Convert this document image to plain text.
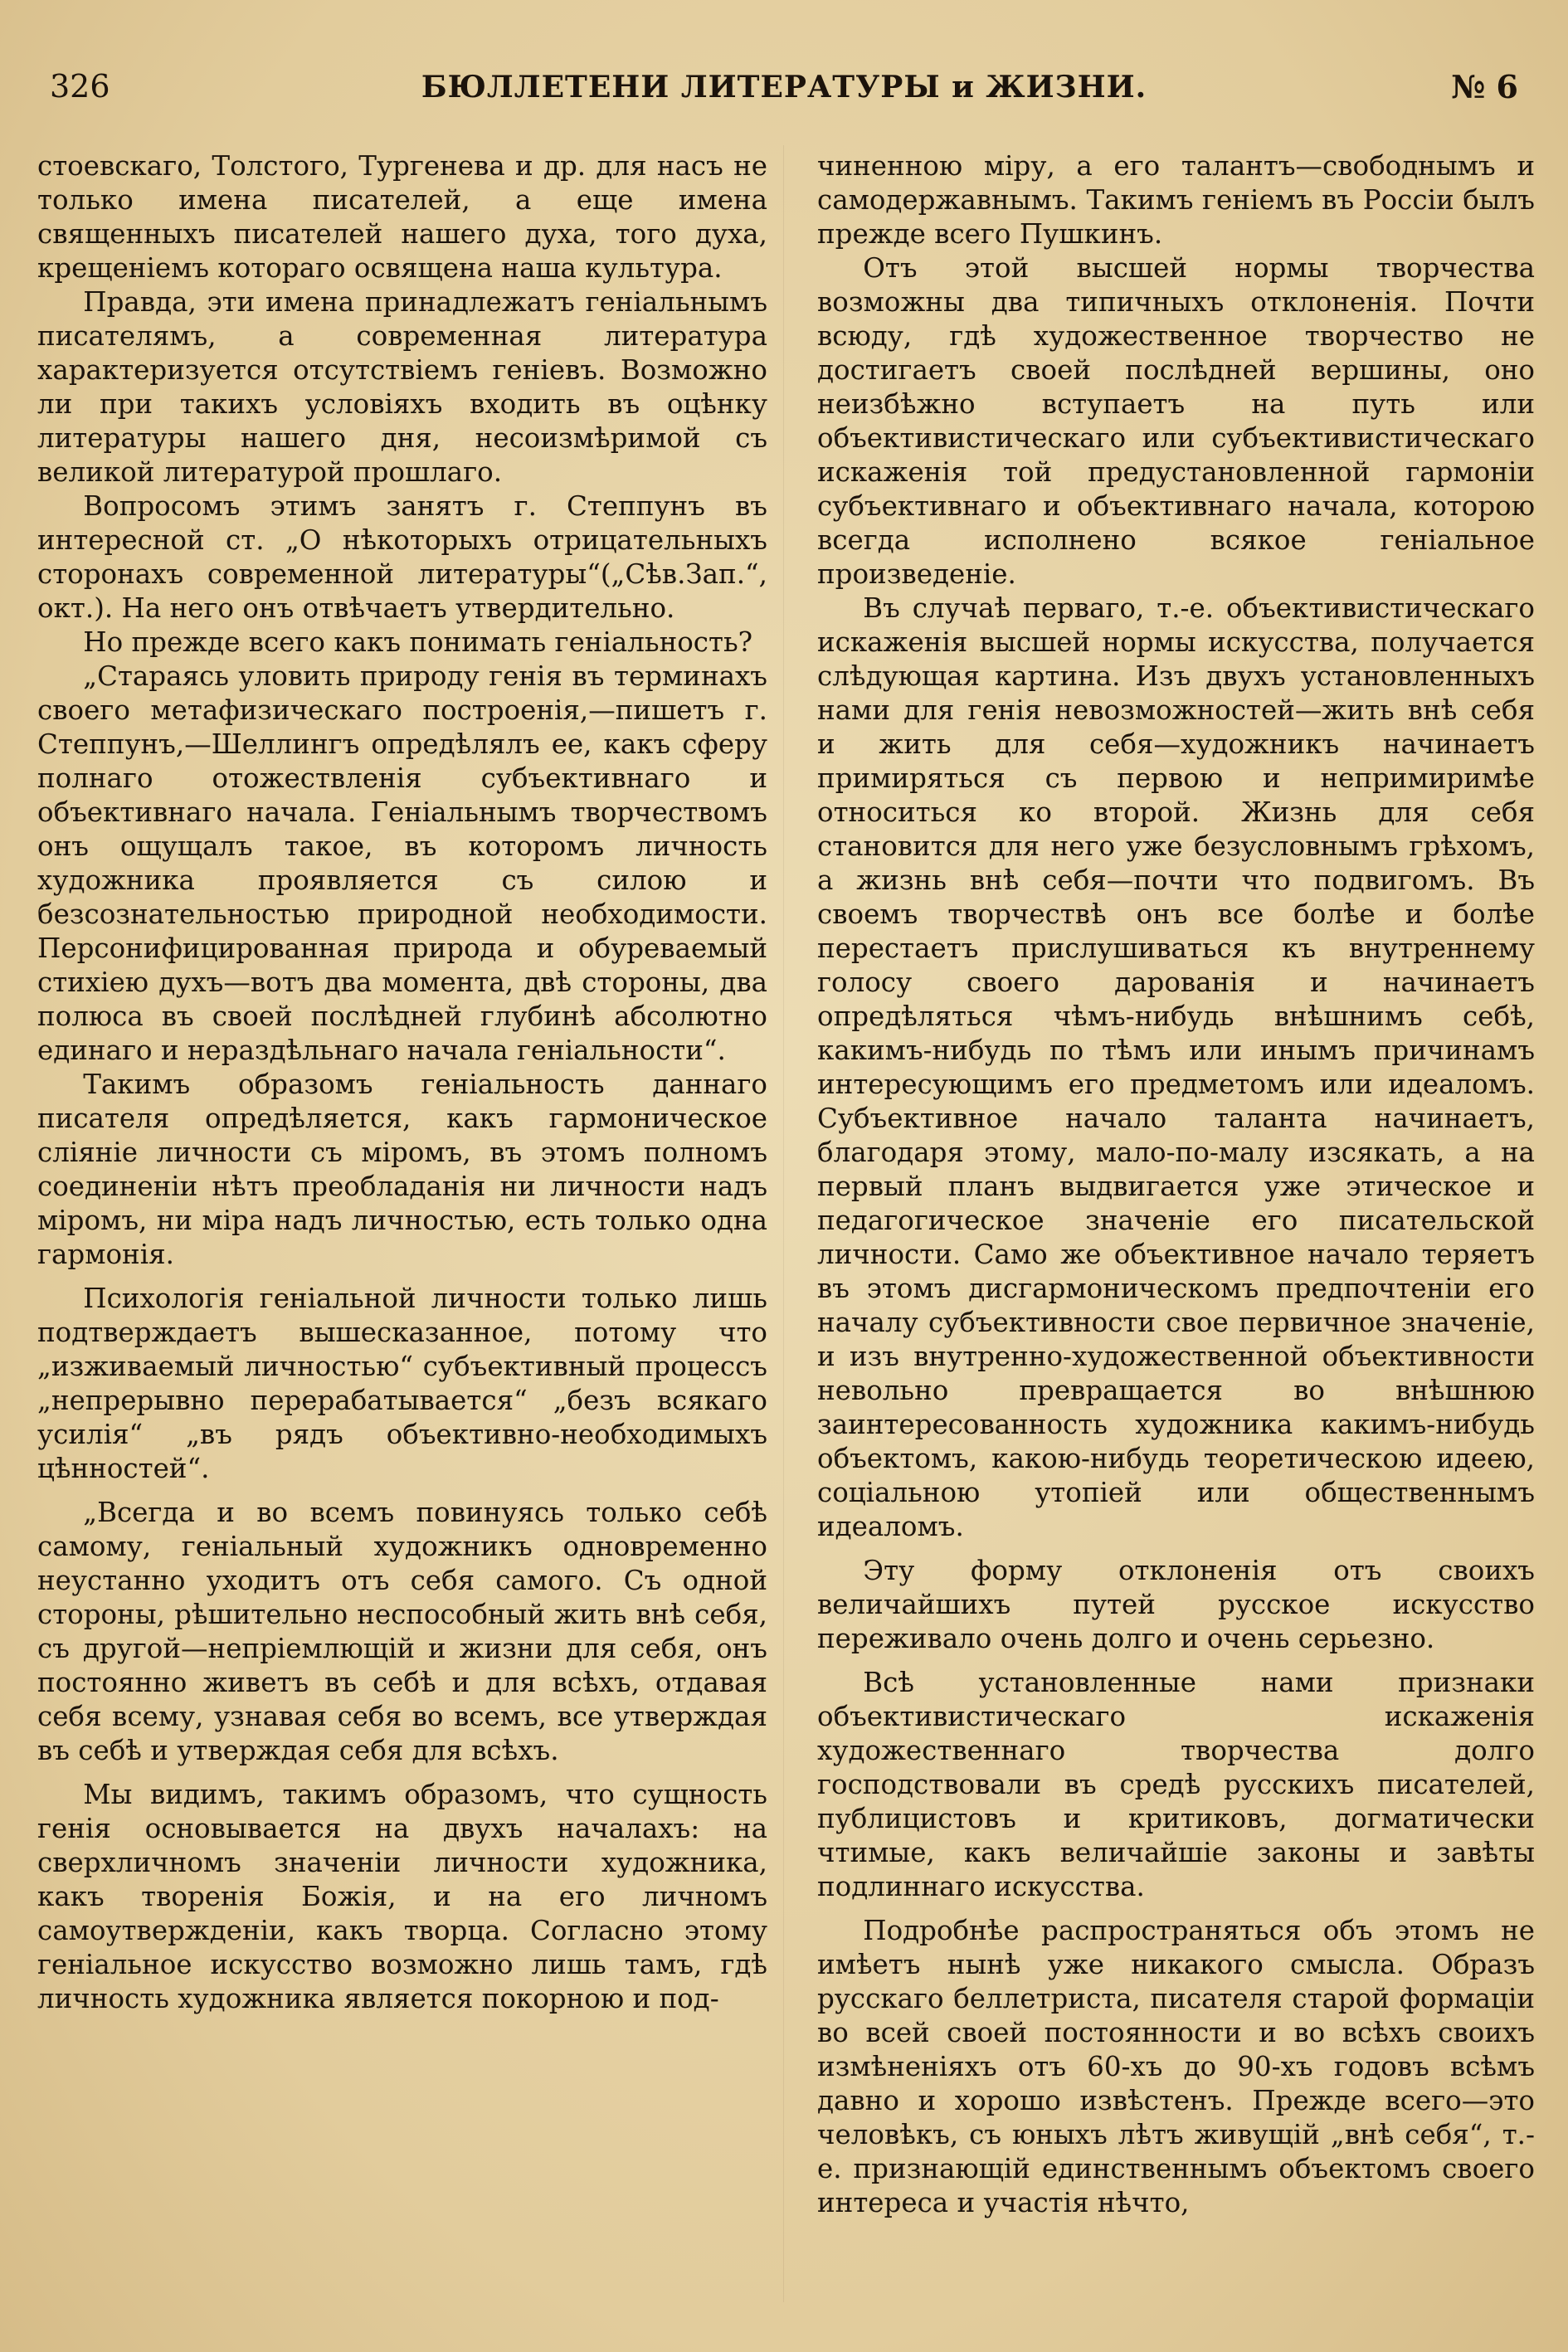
326	БЮЛЛЕТЕНИ ЛИТЕРАТУРЫ и ЖИЗНИ.	№ 6

стоевскаго, Толстого, Тургенева и др. для насъ не только имена писателей, а еще имена священныхъ писателей нашего духа, того духа, крещеніемъ котораго освящена наша культура.

Правда, эти имена принадлежатъ геніальнымъ писателямъ, а современная литература характеризуется отсутствіемъ геніевъ. Возможно ли при такихъ условіяхъ входить въ оцѣнку литературы нашего дня, несоизмѣримой съ великой литературой прошлаго.

Вопросомъ этимъ занятъ г. Степпунъ въ интересной ст. „О нѣкоторыхъ отрицательныхъ сторонахъ современной литературы“(„Сѣв.Зап.“, окт.). На него онъ отвѣчаетъ утвердительно.

Но прежде всего какъ понимать геніальность?

„Стараясь уловить природу генія въ терминахъ своего метафизическаго построенія,—пишетъ г. Степпунъ,—Шеллингъ опредѣлялъ ее, какъ сферу полнаго отожествленія субъективнаго и объективнаго начала. Геніальнымъ творчествомъ онъ ощущалъ такое, въ которомъ личность художника проявляется съ силою и безсознательностью природной необходимости. Персонифицированная природа и обуреваемый стихіею духъ—вотъ два момента, двѣ стороны, два полюса въ своей послѣдней глубинѣ абсолютно единаго и нераздѣльнаго начала геніальности“.

Такимъ образомъ геніальность даннаго писателя опредѣляется, какъ гармоническое сліяніе личности съ міромъ, въ этомъ полномъ соединеніи нѣтъ преобладанія ни личности надъ міромъ, ни міра надъ личностью, есть только одна гармонія.

Психологія геніальной личности только лишь подтверждаетъ вышесказанное, потому что „изживаемый личностью“ субъективный процессъ „непрерывно перерабатывается“ „безъ всякаго усилія“ „въ рядъ объективно-необходимыхъ цѣнностей“.

„Всегда и во всемъ повинуясь только себѣ самому, геніальный художникъ одновременно неустанно уходитъ отъ себя самого. Съ одной стороны, рѣшительно неспособный жить внѣ себя, съ другой—непріемлющій и жизни для себя, онъ постоянно живетъ въ себѣ и для всѣхъ, отдавая себя всему, узнавая себя во всемъ, все утверждая въ себѣ и утверждая себя для всѣхъ.

Мы видимъ, такимъ образомъ, что сущность генія основывается на двухъ началахъ: на сверхличномъ значеніи личности художника, какъ творенія Божія, и на его личномъ самоутвержденіи, какъ творца. Согласно этому геніальное искусство возможно лишь тамъ, гдѣ личность художника является покорною и под-

чиненною міру, а его талантъ—свободнымъ и самодержавнымъ. Такимъ геніемъ въ Россіи былъ прежде всего Пушкинъ.

Отъ этой высшей нормы творчества возможны два типичныхъ отклоненія. Почти всюду, гдѣ художественное творчество не достигаетъ своей послѣдней вершины, оно неизбѣжно вступаетъ на путь или объективистическаго или субъективистическаго искаженія той предустановленной гармоніи субъективнаго и объективнаго начала, которою всегда исполнено всякое геніальное произведеніе.

Въ случаѣ перваго, т.-е. объективистическаго искаженія высшей нормы искусства, получается слѣдующая картина. Изъ двухъ установленныхъ нами для генія невозможностей—жить внѣ себя и жить для себя—художникъ начинаетъ примиряться съ первою и непримиримѣе относиться ко второй. Жизнь для себя становится для него уже безусловнымъ грѣхомъ, а жизнь внѣ себя—почти что подвигомъ. Въ своемъ творчествѣ онъ все болѣе и болѣе перестаетъ прислушиваться къ внутреннему голосу своего дарованія и начинаетъ опредѣляться чѣмъ-нибудь внѣшнимъ себѣ, какимъ-нибудь по тѣмъ или инымъ причинамъ интересующимъ его предметомъ или идеаломъ. Субъективное начало таланта начинаетъ, благодаря этому, мало-по-малу изсякать, а на первый планъ выдвигается уже этическое и педагогическое значеніе его писательской личности. Само же объективное начало теряетъ въ этомъ дисгармоническомъ предпочтеніи его началу субъективности свое первичное значеніе, и изъ внутренно-художественной объективности невольно превращается во внѣшнюю заинтересованность художника какимъ-нибудь объектомъ, какою-нибудь теоретическою идеею, соціальною утопіей или общественнымъ идеаломъ.

Эту форму отклоненія отъ своихъ величайшихъ путей русское искусство переживало очень долго и очень серьезно.

Всѣ установленные нами признаки объективистическаго искаженія художественнаго творчества долго господствовали въ средѣ русскихъ писателей, публицистовъ и критиковъ, догматически чтимые, какъ величайшіе законы и завѣты подлиннаго искусства.

Подробнѣе распространяться объ этомъ не имѣетъ нынѣ уже никакого смысла. Образъ русскаго беллетриста, писателя старой формаціи во всей своей постоянности и во всѣхъ своихъ измѣненіяхъ отъ 60-хъ до 90-хъ годовъ всѣмъ давно и хорошо извѣстенъ. Прежде всего—это человѣкъ, съ юныхъ лѣтъ живущій „внѣ себя“, т.-е. признающій единственнымъ объектомъ своего интереса и участія нѣчто,
